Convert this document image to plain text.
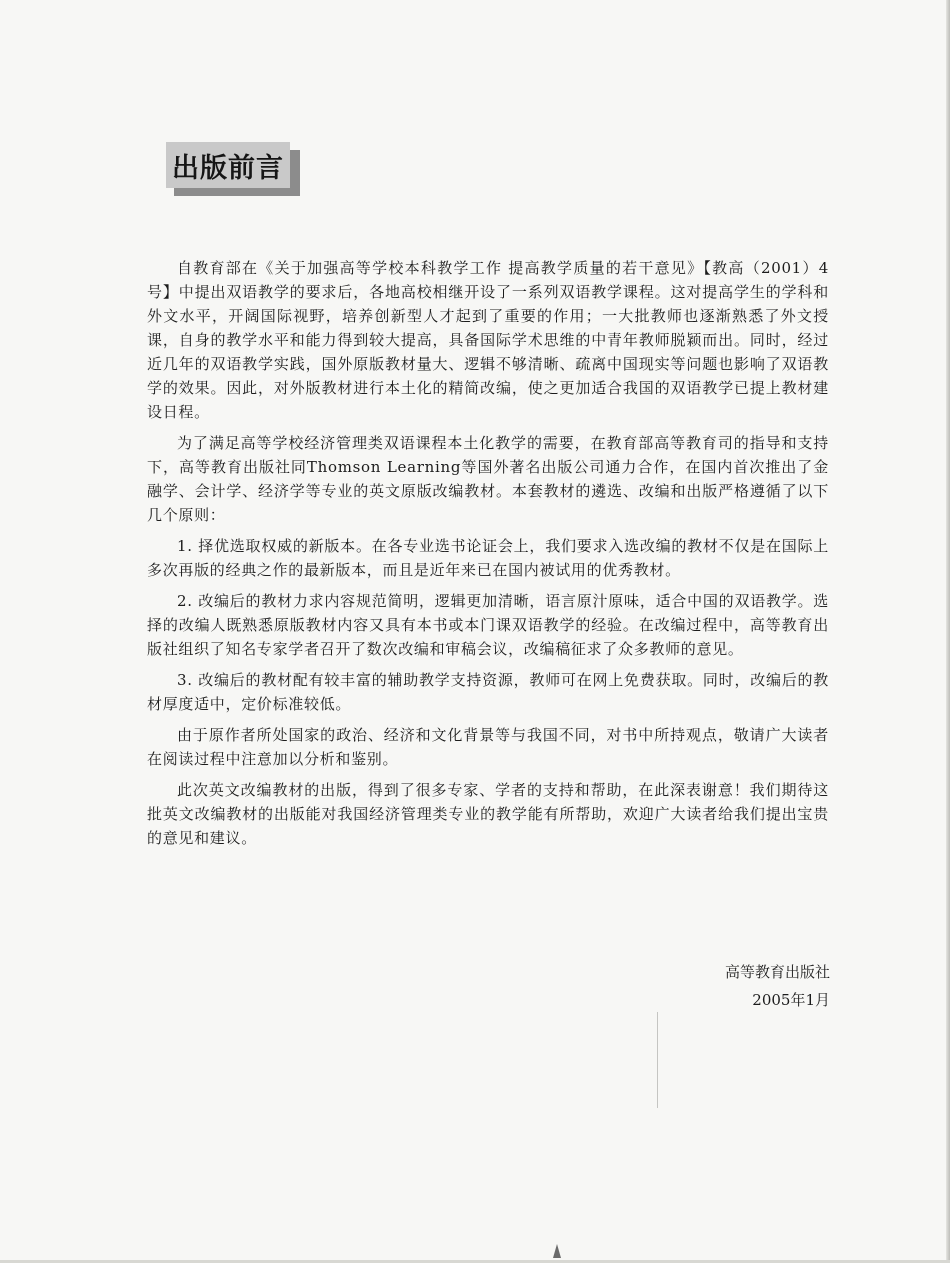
出版前言

自教育部在《关于加强高等学校本科教学工作 提高教学质量的若干意见》【教高（2001）4号】中提出双语教学的要求后，各地高校相继开设了一系列双语教学课程。这对提高学生的学科和外文水平，开阔国际视野，培养创新型人才起到了重要的作用；一大批教师也逐渐熟悉了外文授课，自身的教学水平和能力得到较大提高，具备国际学术思维的中青年教师脱颖而出。同时，经过近几年的双语教学实践，国外原版教材量大、逻辑不够清晰、疏离中国现实等问题也影响了双语教学的效果。因此，对外版教材进行本土化的精简改编，使之更加适合我国的双语教学已提上教材建设日程。

为了满足高等学校经济管理类双语课程本土化教学的需要，在教育部高等教育司的指导和支持下，高等教育出版社同Thomson Learning等国外著名出版公司通力合作，在国内首次推出了金融学、会计学、经济学等专业的英文原版改编教材。本套教材的遴选、改编和出版严格遵循了以下几个原则：

1. 择优选取权威的新版本。在各专业选书论证会上，我们要求入选改编的教材不仅是在国际上多次再版的经典之作的最新版本，而且是近年来已在国内被试用的优秀教材。

2. 改编后的教材力求内容规范简明，逻辑更加清晰，语言原汁原味，适合中国的双语教学。选择的改编人既熟悉原版教材内容又具有本书或本门课双语教学的经验。在改编过程中，高等教育出版社组织了知名专家学者召开了数次改编和审稿会议，改编稿征求了众多教师的意见。

3. 改编后的教材配有较丰富的辅助教学支持资源，教师可在网上免费获取。同时，改编后的教材厚度适中，定价标准较低。

由于原作者所处国家的政治、经济和文化背景等与我国不同，对书中所持观点，敬请广大读者在阅读过程中注意加以分析和鉴别。

此次英文改编教材的出版，得到了很多专家、学者的支持和帮助，在此深表谢意！我们期待这批英文改编教材的出版能对我国经济管理类专业的教学能有所帮助，欢迎广大读者给我们提出宝贵的意见和建议。

高等教育出版社
2005年1月
